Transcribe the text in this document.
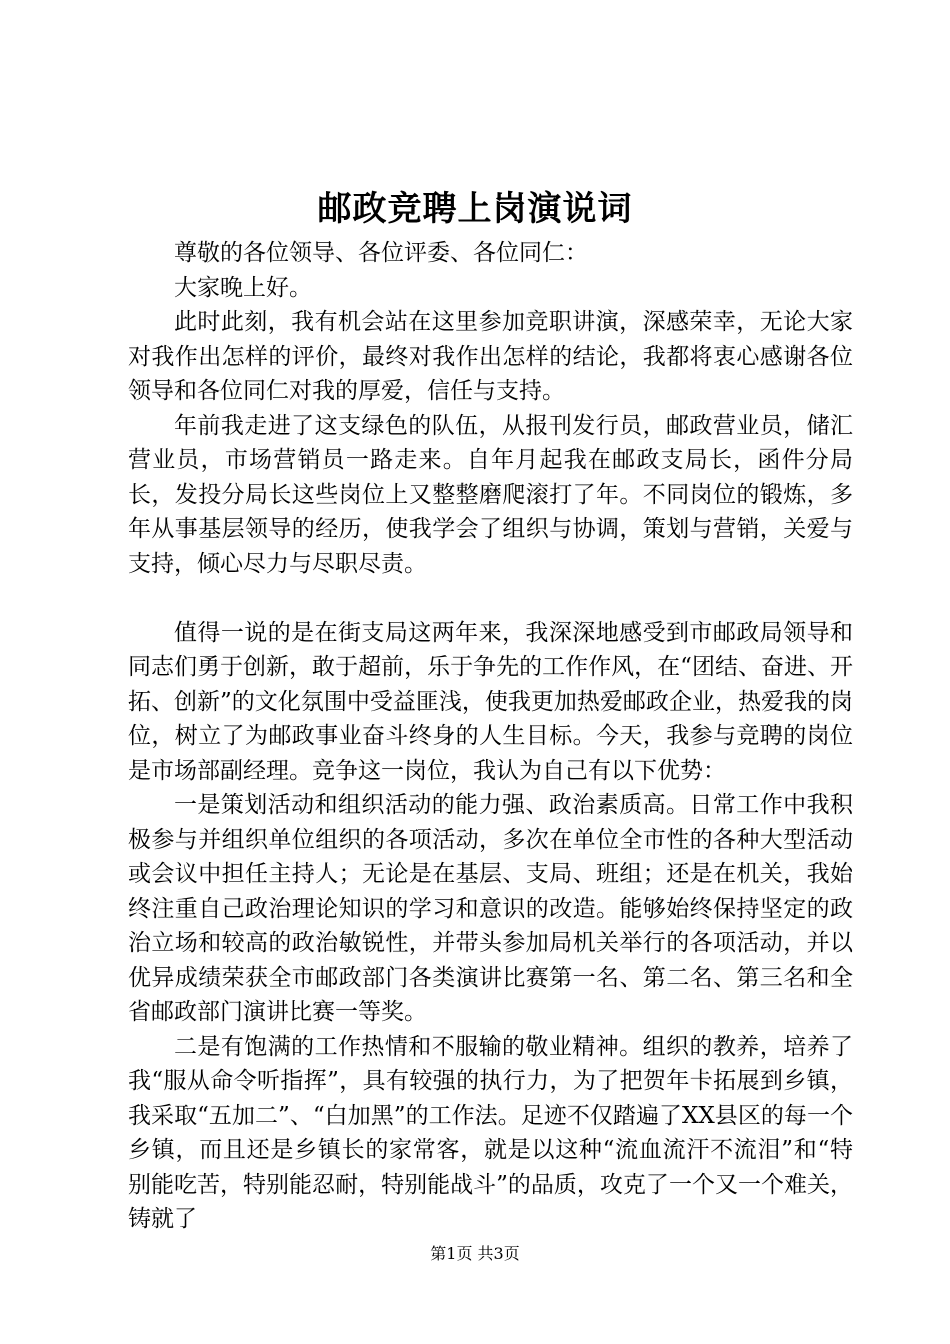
邮政竞聘上岗演说词

尊敬的各位领导、各位评委、各位同仁：

大家晚上好。

此时此刻，我有机会站在这里参加竞职讲演，深感荣幸，无论大家对我作出怎样的评价，最终对我作出怎样的结论，我都将衷心感谢各位领导和各位同仁对我的厚爱，信任与支持。

年前我走进了这支绿色的队伍，从报刊发行员，邮政营业员，储汇营业员，市场营销员一路走来。自年月起我在邮政支局长，函件分局长，发投分局长这些岗位上又整整磨爬滚打了年。不同岗位的锻炼，多年从事基层领导的经历，使我学会了组织与协调，策划与营销，关爱与支持，倾心尽力与尽职尽责。

值得一说的是在街支局这两年来，我深深地感受到市邮政局领导和同志们勇于创新，敢于超前，乐于争先的工作作风，在“团结、奋进、开拓、创新”的文化氛围中受益匪浅，使我更加热爱邮政企业，热爱我的岗位，树立了为邮政事业奋斗终身的人生目标。今天，我参与竞聘的岗位是市场部副经理。竞争这一岗位，我认为自己有以下优势：

一是策划活动和组织活动的能力强、政治素质高。日常工作中我积极参与并组织单位组织的各项活动，多次在单位全市性的各种大型活动或会议中担任主持人；无论是在基层、支局、班组；还是在机关，我始终注重自己政治理论知识的学习和意识的改造。能够始终保持坚定的政治立场和较高的政治敏锐性，并带头参加局机关举行的各项活动，并以优异成绩荣获全市邮政部门各类演讲比赛第一名、第二名、第三名和全省邮政部门演讲比赛一等奖。

二是有饱满的工作热情和不服输的敬业精神。组织的教养，培养了我“服从命令听指挥”，具有较强的执行力，为了把贺年卡拓展到乡镇，我采取“五加二”、“白加黑”的工作法。足迹不仅踏遍了XX县区的每一个乡镇，而且还是乡镇长的家常客，就是以这种“流血流汗不流泪”和“特别能吃苦，特别能忍耐，特别能战斗”的品质，攻克了一个又一个难关，铸就了

第1页 共3页
